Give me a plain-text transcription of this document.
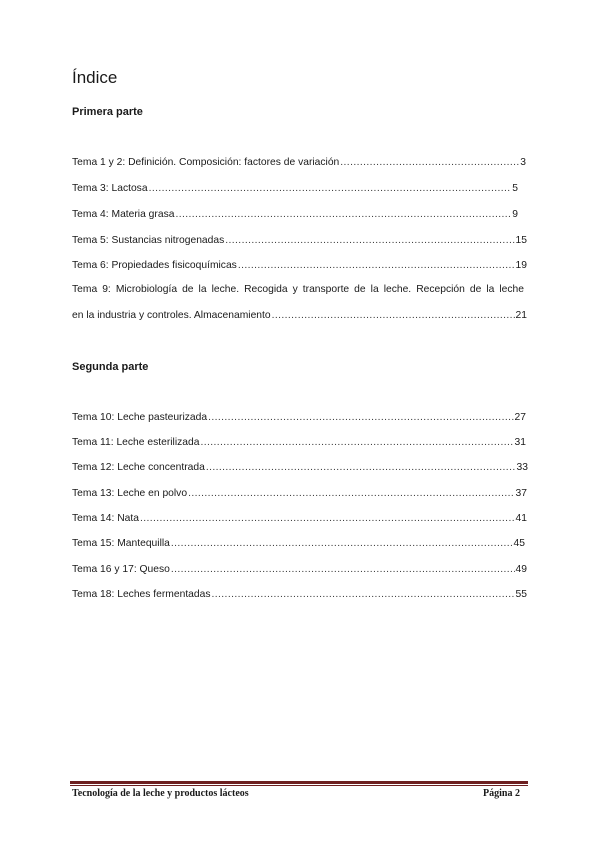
Índice
Primera parte
Tema 1 y 2: Definición. Composición: factores de variación .....	3
Tema 3: Lactosa .....	5
Tema 4: Materia grasa .....	9
Tema 5: Sustancias nitrogenadas .....	15
Tema 6: Propiedades fisicoquímicas .....	19
Tema 9: Microbiología de la leche. Recogida y transporte de la leche. Recepción de la leche
en la industria y controles. Almacenamiento .....	21
Segunda parte
Tema 10: Leche pasteurizada .....	27
Tema 11: Leche esterilizada .....	31
Tema 12: Leche concentrada .....	33
Tema 13: Leche en polvo .....	37
Tema 14: Nata .....	41
Tema 15: Mantequilla .....	45
Tema 16 y 17: Queso .....	49
Tema 18: Leches fermentadas .....	55
Tecnología de la leche y productos lácteos	Página 2
